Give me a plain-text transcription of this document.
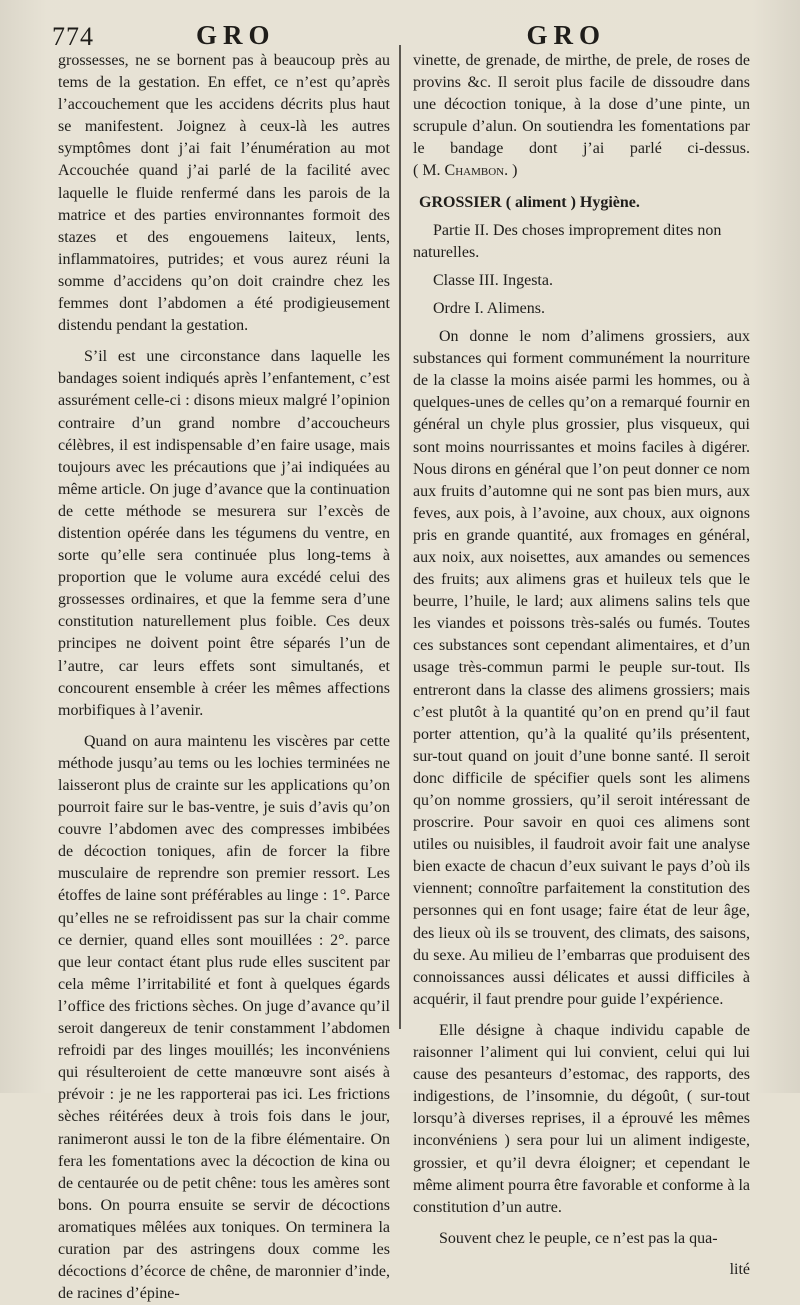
774	GRO	GRO

grossesses, ne se bornent pas à beaucoup près au tems de la gestation. En effet, ce n’est qu’après l’accouchement que les accidens décrits plus haut se manifestent. Joignez à ceux-là les autres symptômes dont j’ai fait l’énumération au mot Accouchée quand j’ai parlé de la facilité avec laquelle le fluide renfermé dans les parois de la matrice et des parties environnantes formoit des stazes et des engouemens laiteux, lents, inflammatoires, putrides; et vous aurez réuni la somme d’accidens qu’on doit craindre chez les femmes dont l’abdomen a été prodigieusement distendu pendant la gestation.

S’il est une circonstance dans laquelle les bandages soient indiqués après l’enfantement, c’est assurément celle-ci : disons mieux malgré l’opinion contraire d’un grand nombre d’accoucheurs célèbres, il est indispensable d’en faire usage, mais toujours avec les précautions que j’ai indiquées au même article. On juge d’avance que la continuation de cette méthode se mesurera sur l’excès de distention opérée dans les tégumens du ventre, en sorte qu’elle sera continuée plus long-tems à proportion que le volume aura excédé celui des grossesses ordinaires, et que la femme sera d’une constitution naturellement plus foible. Ces deux principes ne doivent point être séparés l’un de l’autre, car leurs effets sont simultanés, et concourent ensemble à créer les mêmes affections morbifiques à l’avenir.

Quand on aura maintenu les viscères par cette méthode jusqu’au tems ou les lochies terminées ne laisseront plus de crainte sur les applications qu’on pourroit faire sur le bas-ventre, je suis d’avis qu’on couvre l’abdomen avec des compresses imbibées de décoction toniques, afin de forcer la fibre musculaire de reprendre son premier ressort. Les étoffes de laine sont préférables au linge : 1°. Parce qu’elles ne se refroidissent pas sur la chair comme ce dernier, quand elles sont mouillées : 2°. parce que leur contact étant plus rude elles suscitent par cela même l’irritabilité et font à quelques égards l’office des frictions sèches. On juge d’avance qu’il seroit dangereux de tenir constamment l’abdomen refroidi par des linges mouillés; les inconvéniens qui résulteroient de cette manœuvre sont aisés à prévoir : je ne les rapporterai pas ici. Les frictions sèches réitérées deux à trois fois dans le jour, ranimeront aussi le ton de la fibre élémentaire. On fera les fomentations avec la décoction de kina ou de centaurée ou de petit chêne: tous les amères sont bons. On pourra ensuite se servir de décoctions aromatiques mêlées aux toniques. On terminera la curation par des astringens doux comme les décoctions d’écorce de chêne, de maronnier d’inde, de racines d’épine-

vinette, de grenade, de mirthe, de prele, de roses de provins &c. Il seroit plus facile de dissoudre dans une décoction tonique, à la dose d’une pinte, un scrupule d’alun. On soutiendra les fomentations par le bandage dont j’ai parlé ci-dessus. ( M. Chambon. )

GROSSIER ( aliment ) Hygiène.

Partie II. Des choses improprement dites non naturelles.

Classe III. Ingesta.

Ordre I. Alimens.

On donne le nom d’alimens grossiers, aux substances qui forment communément la nourriture de la classe la moins aisée parmi les hommes, ou à quelques-unes de celles qu’on a remarqué fournir en général un chyle plus grossier, plus visqueux, qui sont moins nourrissantes et moins faciles à digérer. Nous dirons en général que l’on peut donner ce nom aux fruits d’automne qui ne sont pas bien murs, aux feves, aux pois, à l’avoine, aux choux, aux oignons pris en grande quantité, aux fromages en général, aux noix, aux noisettes, aux amandes ou semences des fruits; aux alimens gras et huileux tels que le beurre, l’huile, le lard; aux alimens salins tels que les viandes et poissons très-salés ou fumés. Toutes ces substances sont cependant alimentaires, et d’un usage très-commun parmi le peuple sur-tout. Ils entreront dans la classe des alimens grossiers; mais c’est plutôt à la quantité qu’on en prend qu’il faut porter attention, qu’à la qualité qu’ils présentent, sur-tout quand on jouit d’une bonne santé. Il seroit donc difficile de spécifier quels sont les alimens qu’on nomme grossiers, qu’il seroit intéressant de proscrire. Pour savoir en quoi ces alimens sont utiles ou nuisibles, il faudroit avoir fait une analyse bien exacte de chacun d’eux suivant le pays d’où ils viennent; connoître parfaitement la constitution des personnes qui en font usage; faire état de leur âge, des lieux où ils se trouvent, des climats, des saisons, du sexe. Au milieu de l’embarras que produisent des connoissances aussi délicates et aussi difficiles à acquérir, il faut prendre pour guide l’expérience.

Elle désigne à chaque individu capable de raisonner l’aliment qui lui convient, celui qui lui cause des pesanteurs d’estomac, des rapports, des indigestions, de l’insomnie, du dégoût, ( sur-tout lorsqu’à diverses reprises, il a éprouvé les mêmes inconvéniens ) sera pour lui un aliment indigeste, grossier, et qu’il devra éloigner; et cependant le même aliment pourra être favorable et conforme à la constitution d’un autre.

Souvent chez le peuple, ce n’est pas la qua-

lité
